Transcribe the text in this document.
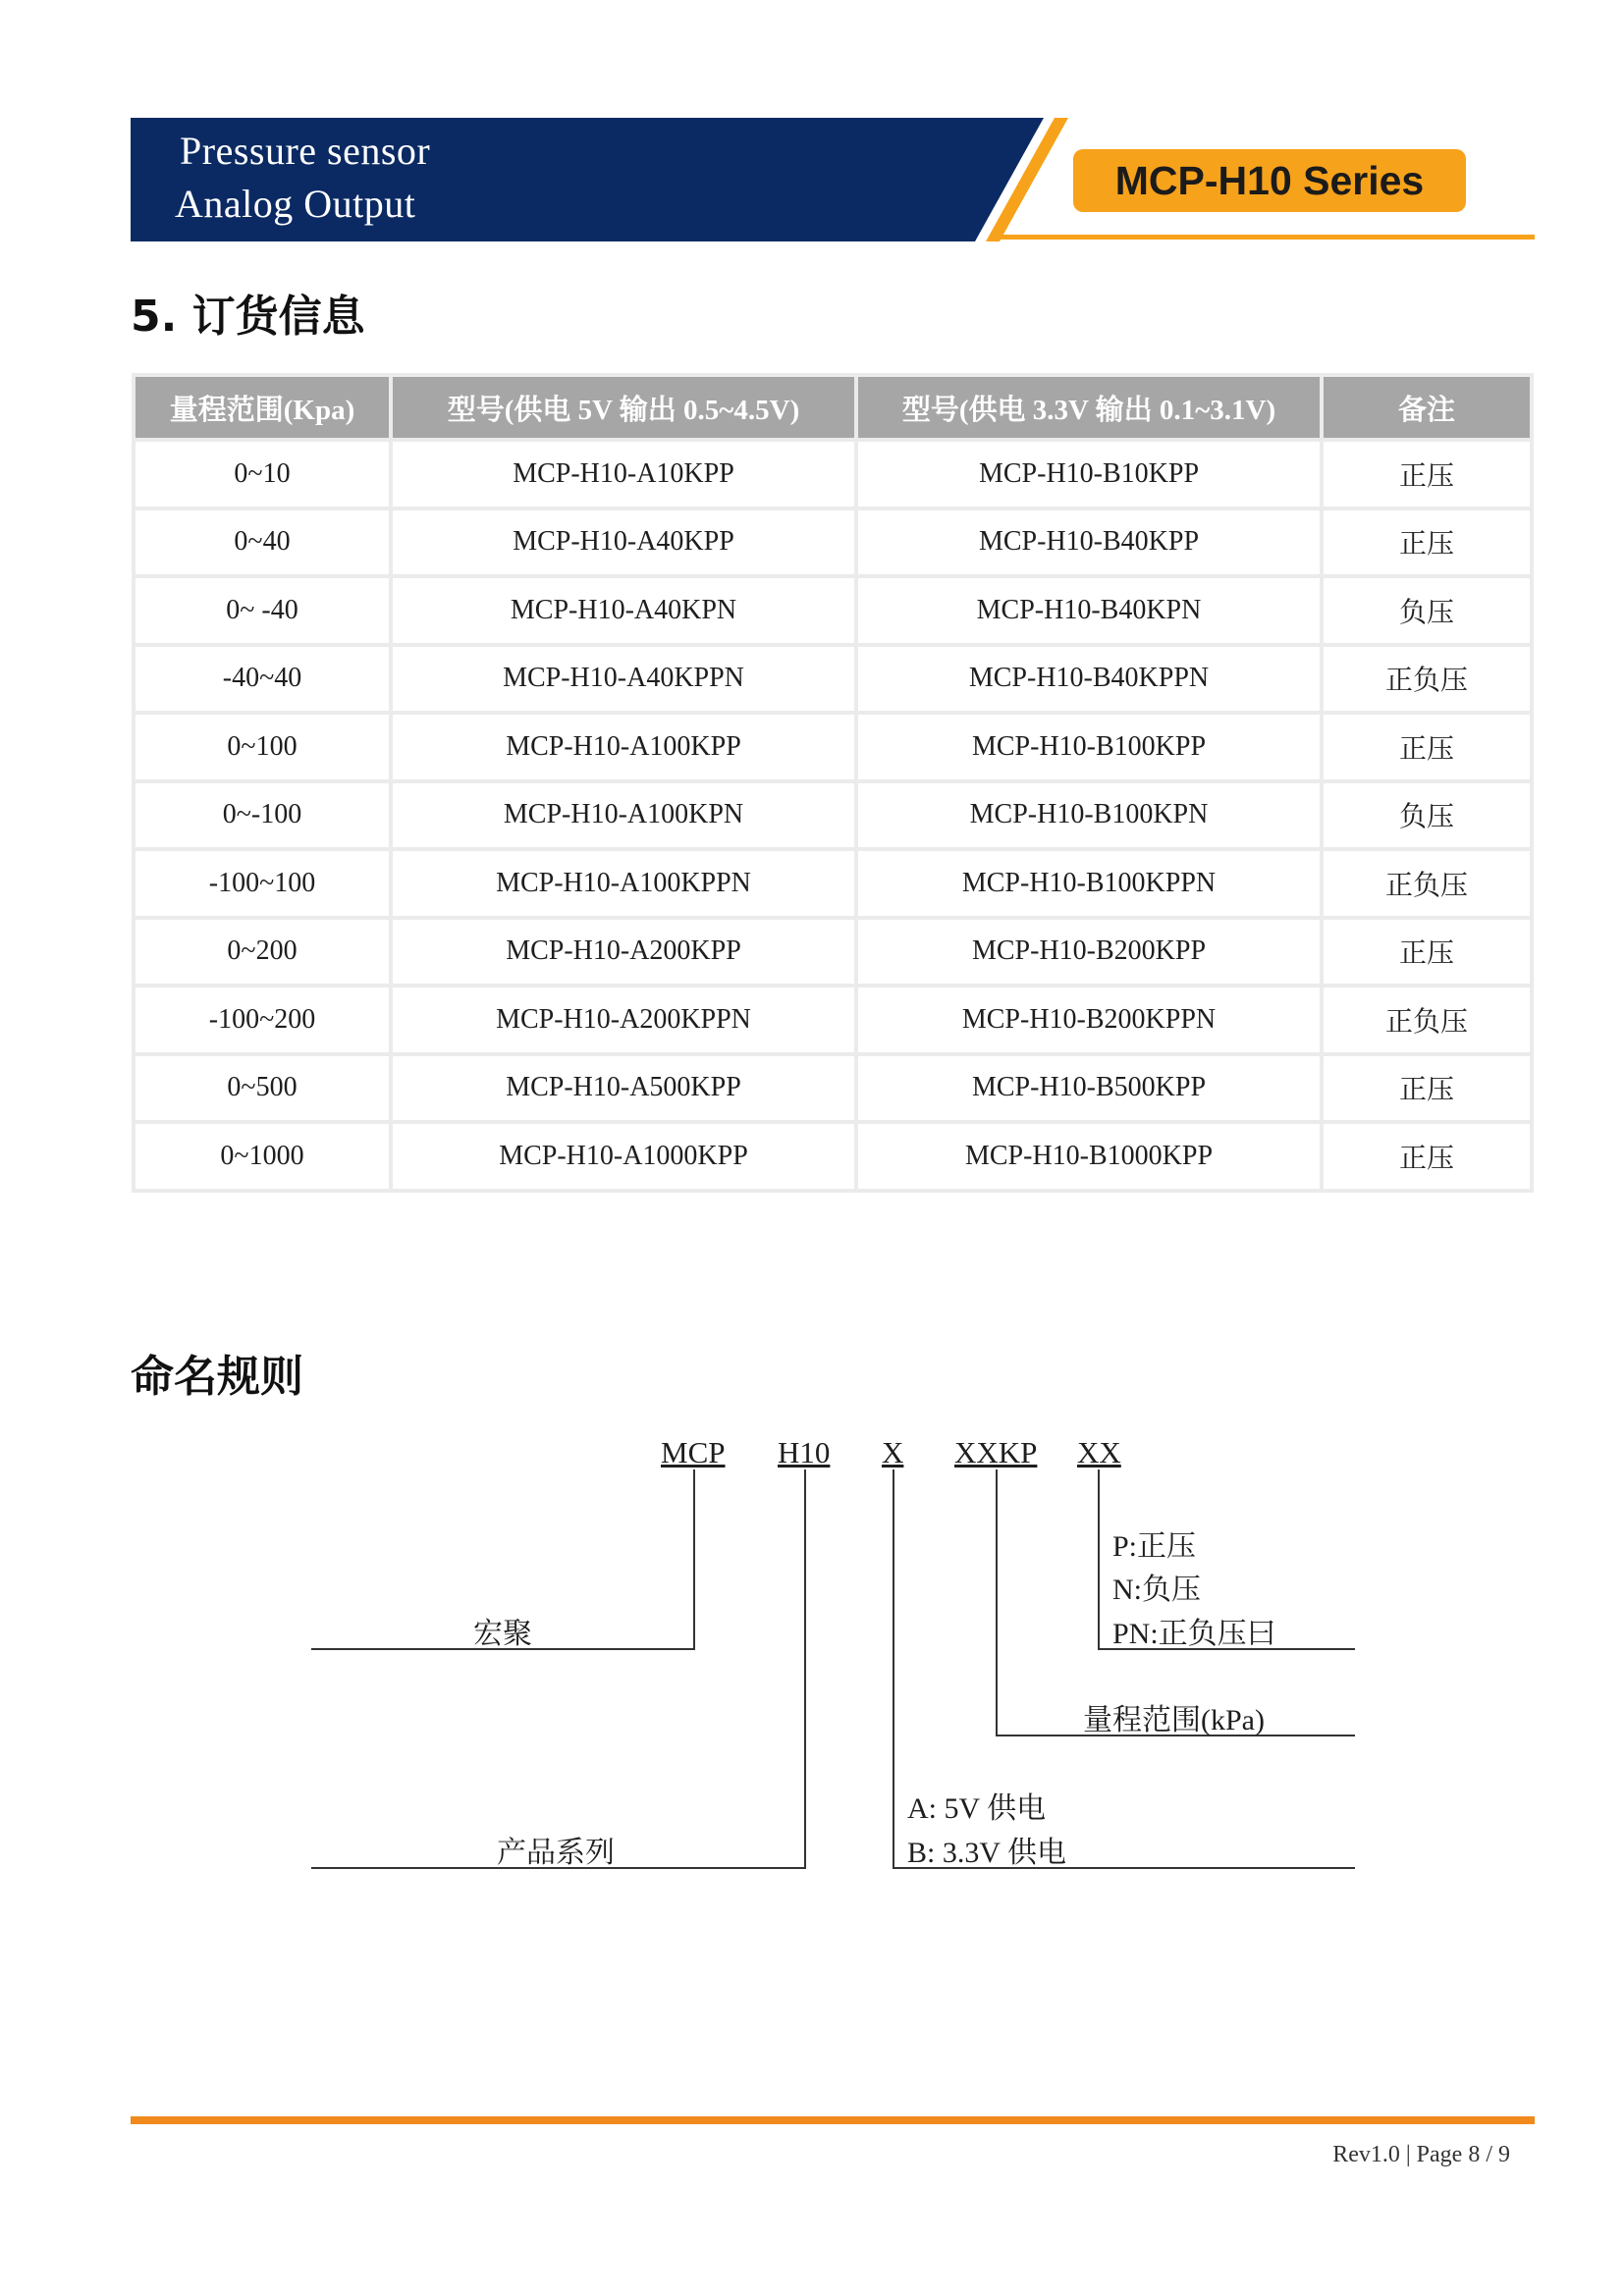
Pressure sensor
Analog Output
MCP-H10 Series
5. 订货信息
量程范围(Kpa)	型号(供电 5V 输出 0.5~4.5V)	型号(供电 3.3V 输出 0.1~3.1V)	备注
0~10	MCP-H10-A10KPP	MCP-H10-B10KPP	正压
0~40	MCP-H10-A40KPP	MCP-H10-B40KPP	正压
0~ -40	MCP-H10-A40KPN	MCP-H10-B40KPN	负压
-40~40	MCP-H10-A40KPPN	MCP-H10-B40KPPN	正负压
0~100	MCP-H10-A100KPP	MCP-H10-B100KPP	正压
0~-100	MCP-H10-A100KPN	MCP-H10-B100KPN	负压
-100~100	MCP-H10-A100KPPN	MCP-H10-B100KPPN	正负压
0~200	MCP-H10-A200KPP	MCP-H10-B200KPP	正压
-100~200	MCP-H10-A200KPPN	MCP-H10-B200KPPN	正负压
0~500	MCP-H10-A500KPP	MCP-H10-B500KPP	正压
0~1000	MCP-H10-A1000KPP	MCP-H10-B1000KPP	正压
命名规则
MCP H10 X XXKP XX
宏聚
产品系列
量程范围(kPa)
P:正压
N:负压
PN:正负压曰
A: 5V 供电
B: 3.3V 供电
Rev1.0 | Page 8 / 9
